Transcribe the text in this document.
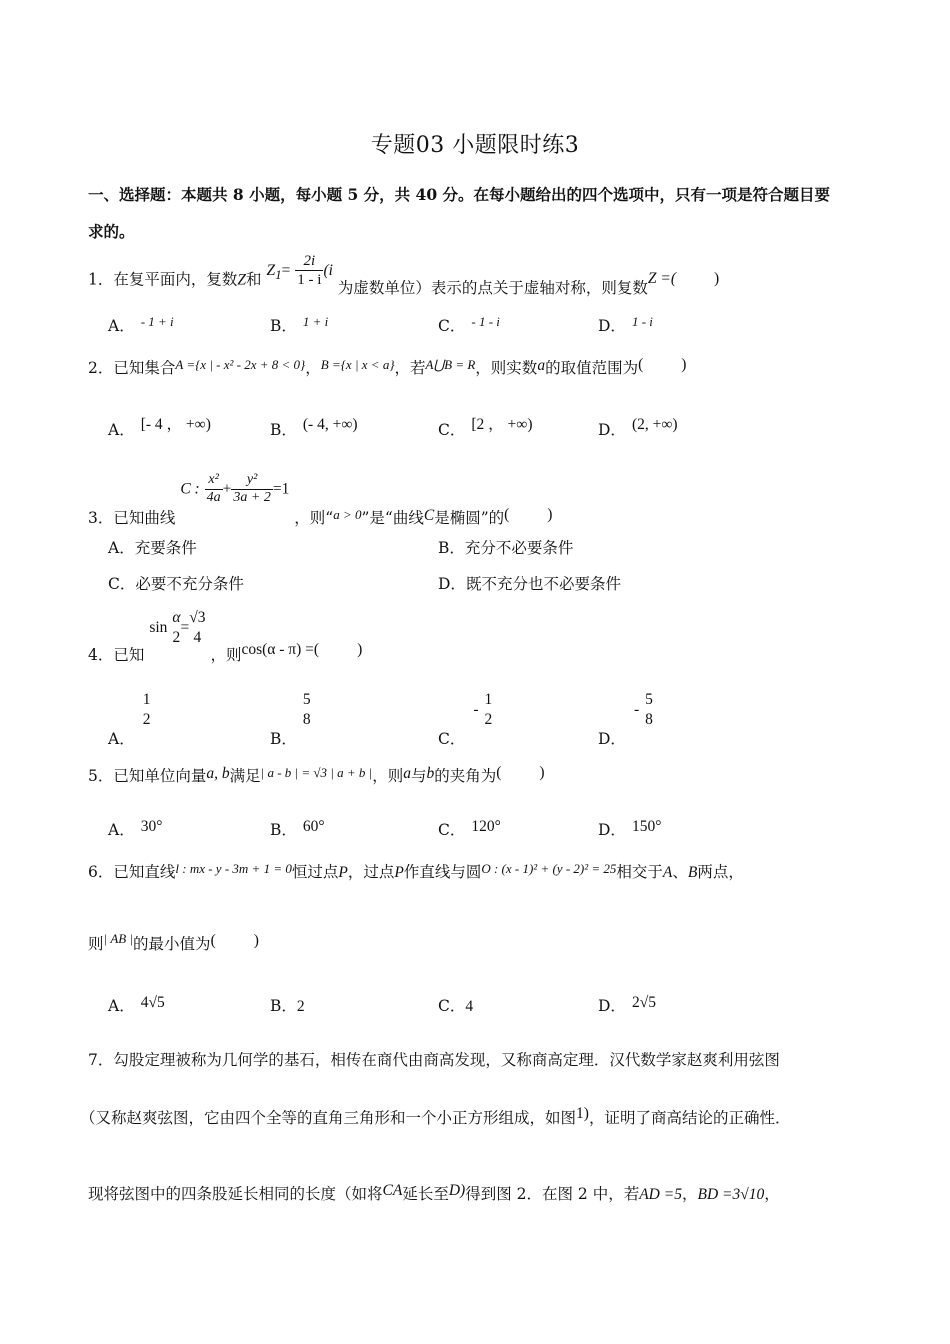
专题03 小题限时练3
一、选择题：本题共 8 小题，每小题 5 分，共 40 分。在每小题给出的四个选项中，只有一项是符合题目要
求的。
1．在复平面内，复数Z和 $Z_1= \frac{2i}{1 - i} (i$ 为虚数单位）表示的点关于虚轴对称，则复数Z =( )
A． $^{- 1 + i}$	B． $^{1 + i}$	C． $^{- 1 - i}$	D． $^{1 - i}$
2．已知集合$^{A =\{x | - x^2 - 2x + 8 < 0\}}$，$^{B =\{x | x < a\}}$，若$^{A⋃B = R}$，则实数a的取值范围为( )
A． [- 4 ， +∞)	B． (- 4, +∞)	C． [2 ， +∞)	D． (2, +∞)
3．已知曲线 C : $\frac{\text{x²}}{4a} + \frac{\text{y²}}{3a + 2} =1$ ，则“$_{a > 0}$”是“曲线C是椭圆”的( )
A．充要条件	B．充分不必要条件
C．必要不充分条件	D．既不充分也不必要条件
4．已知 sin
α
2
=
√3
4
，则cos(α - π) =( )
A．
1
2
B．
5
8
C．-
1
2
D．-
5
8
5．已知单位向量a, b满足$^{| a - b | = √3 | a + b |}$，则a与b的夹角为( )
A． 30°	B． 60°	C． 120°	D． 150°
6．已知直线$^{l : mx - y - 3m + 1 = 0}$恒过点P，过点P作直线与圆$^{O : (x - 1)^2 + (y - 2)^2 = 25}$相交于A、B两点，
则$^{| AB |}$的最小值为( )
A． 4√5	B．2	C．4	D． 2√5
7．勾股定理被称为几何学的基石，相传在商代由商高发现，又称商高定理．汉代数学家赵爽利用弦图
（又称赵爽弦图，它由四个全等的直角三角形和一个小正方形组成，如图1)，证明了商高结论的正确性．
现将弦图中的四条股延长相同的长度（如将CA延长至D)得到图 2．在图 2 中，若AD =5，BD =3√10，
